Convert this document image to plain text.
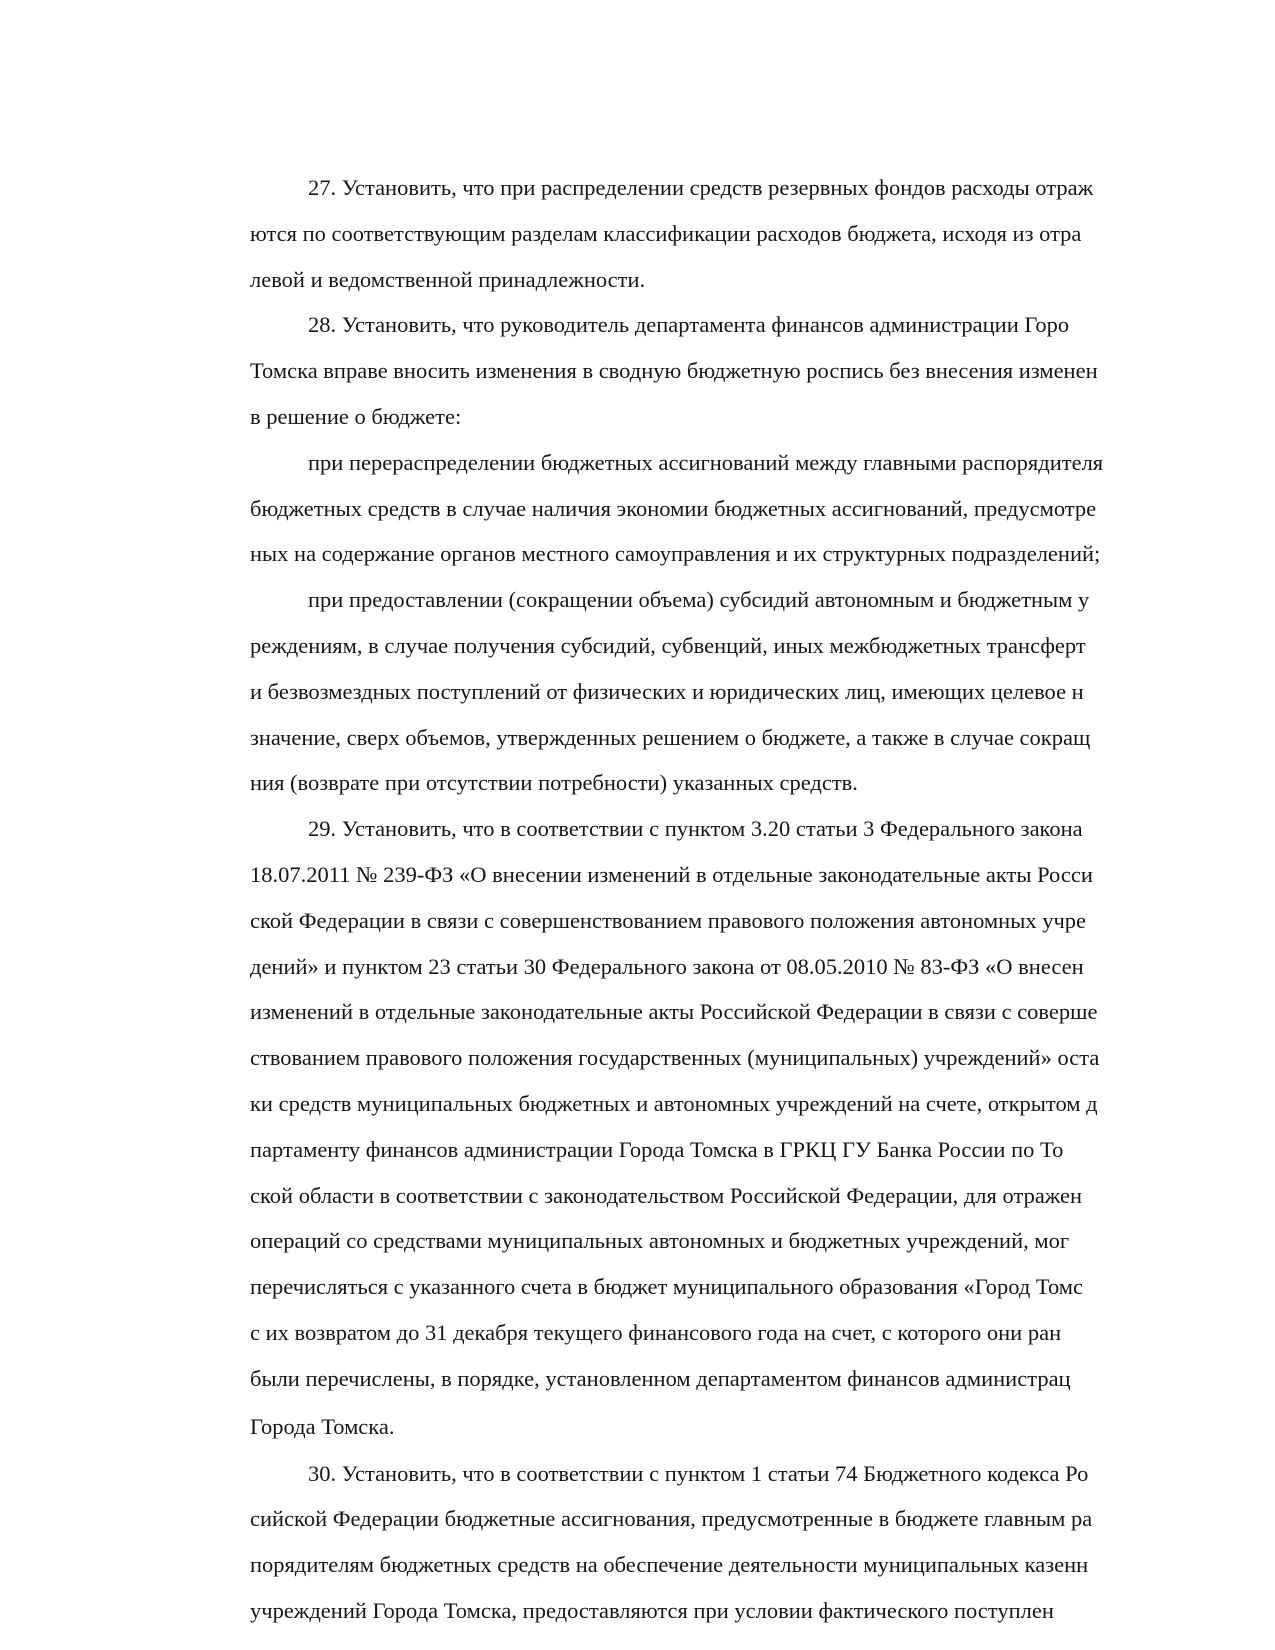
27. Установить, что при распределении средств резервных фондов расходы отраж
ются по соответствующим разделам классификации расходов бюджета, исходя из отра
левой и ведомственной принадлежности.
28. Установить, что руководитель департамента финансов администрации Горо
Томска вправе вносить изменения в сводную бюджетную роспись без внесения изменен
в решение о бюджете:
при перераспределении бюджетных ассигнований между главными распорядителя
бюджетных средств в случае наличия экономии бюджетных ассигнований, предусмотре
ных на содержание органов местного самоуправления и их структурных подразделений;
при предоставлении (сокращении объема) субсидий автономным и бюджетным у
реждениям, в случае получения субсидий, субвенций, иных межбюджетных трансферт
и безвозмездных поступлений от физических и юридических лиц, имеющих целевое н
значение, сверх объемов, утвержденных решением о бюджете, а также в случае сокращ
ния (возврате при отсутствии потребности) указанных средств.
29. Установить, что в соответствии с пунктом 3.20 статьи 3 Федерального закона
18.07.2011 № 239-ФЗ «О внесении изменений в отдельные законодательные акты Росси
ской Федерации в связи с совершенствованием правового положения автономных учре
дений» и пунктом 23 статьи 30 Федерального закона от 08.05.2010 № 83-ФЗ «О внесен
изменений в отдельные законодательные акты Российской Федерации в связи с соверше
ствованием правового положения государственных (муниципальных) учреждений» оста
ки средств муниципальных бюджетных и автономных учреждений на счете, открытом д
партаменту финансов администрации Города Томска в ГРКЦ ГУ Банка России по То
ской области в соответствии с законодательством Российской Федерации, для отражен
операций со средствами муниципальных автономных и бюджетных учреждений, мог
перечисляться с указанного счета в бюджет муниципального образования «Город Томс
с их возвратом до 31 декабря текущего финансового года на счет, с которого они ран
были перечислены, в порядке, установленном департаментом финансов администрац
Города Томска.
30. Установить, что в соответствии с пунктом 1 статьи 74 Бюджетного кодекса Ро
сийской Федерации бюджетные ассигнования, предусмотренные в бюджете главным ра
порядителям бюджетных средств на обеспечение деятельности муниципальных казенн
учреждений Города Томска, предоставляются при условии фактического поступлен
